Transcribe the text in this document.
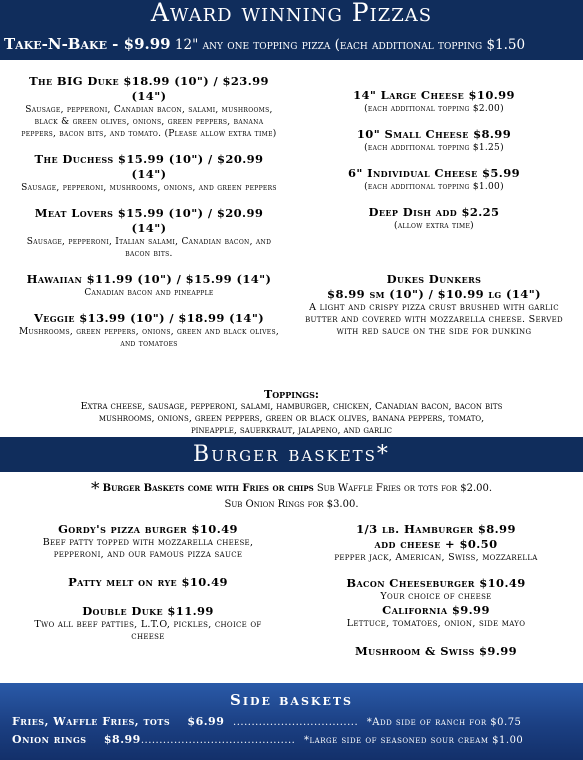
Award winning Pizzas
Take-N-Bake - $9.99 12" any one topping pizza (each additional topping $1.50
The BIG Duke $18.99 (10") / $23.99 (14")
Sausage, pepperoni, Canadian bacon, salami, mushrooms, black & green olives, onions, green peppers, banana peppers, bacon bits, and tomato. (Please allow extra time)
The Duchess $15.99 (10") / $20.99 (14")
Sausage, pepperoni, mushrooms, onions, and green peppers
Meat Lovers $15.99 (10") / $20.99 (14")
Sausage, pepperoni, Italian salami, Canadian bacon, and bacon bits.
Hawaiian $11.99 (10") / $15.99 (14")
Canadian bacon and pineapple
Veggie $13.99 (10") / $18.99 (14")
Mushrooms, green peppers, onions, green and black olives, and tomatoes
14" Large Cheese $10.99
(each additional topping $2.00)
10" Small Cheese $8.99
(each additional topping $1.25)
6" Individual Cheese $5.99
(each additional topping $1.00)
Deep Dish add $2.25
(allow extra time)
Dukes Dunkers
$8.99 sm (10") / $10.99 lg (14")
A light and crispy pizza crust brushed with garlic butter and covered with mozzarella cheese. Served with red sauce on the side for dunking
Toppings:
Extra cheese, sausage, pepperoni, salami, hamburger, chicken, Canadian bacon, bacon bits
mushrooms, onions, green peppers, green or black olives, banana peppers, tomato,
pineapple, sauerkraut, jalapeno, and garlic
Burger baskets*
* Burger Baskets come with Fries or chips Sub Waffle Fries or tots for $2.00.
Sub Onion Rings for $3.00.
Gordy's pizza burger $10.49
Beef patty topped with mozzarella cheese, pepperoni, and our famous pizza sauce
Patty melt on rye $10.49
Double Duke $11.99
Two all beef patties, L.T.O, pickles, choice of cheese
1/3 lb. Hamburger $8.99
add cheese + $0.50
pepper jack, American, Swiss, mozzarella
Bacon Cheeseburger $10.49
Your choice of cheese
California $9.99
Lettuce, tomatoes, onion, side mayo
Mushroom & Swiss $9.99
Side baskets
Fries, Waffle Fries, tots $6.99 .................................. *Add side of ranch for $0.75
Onion rings $8.99.......................................... *large side of seasoned sour cream $1.00
